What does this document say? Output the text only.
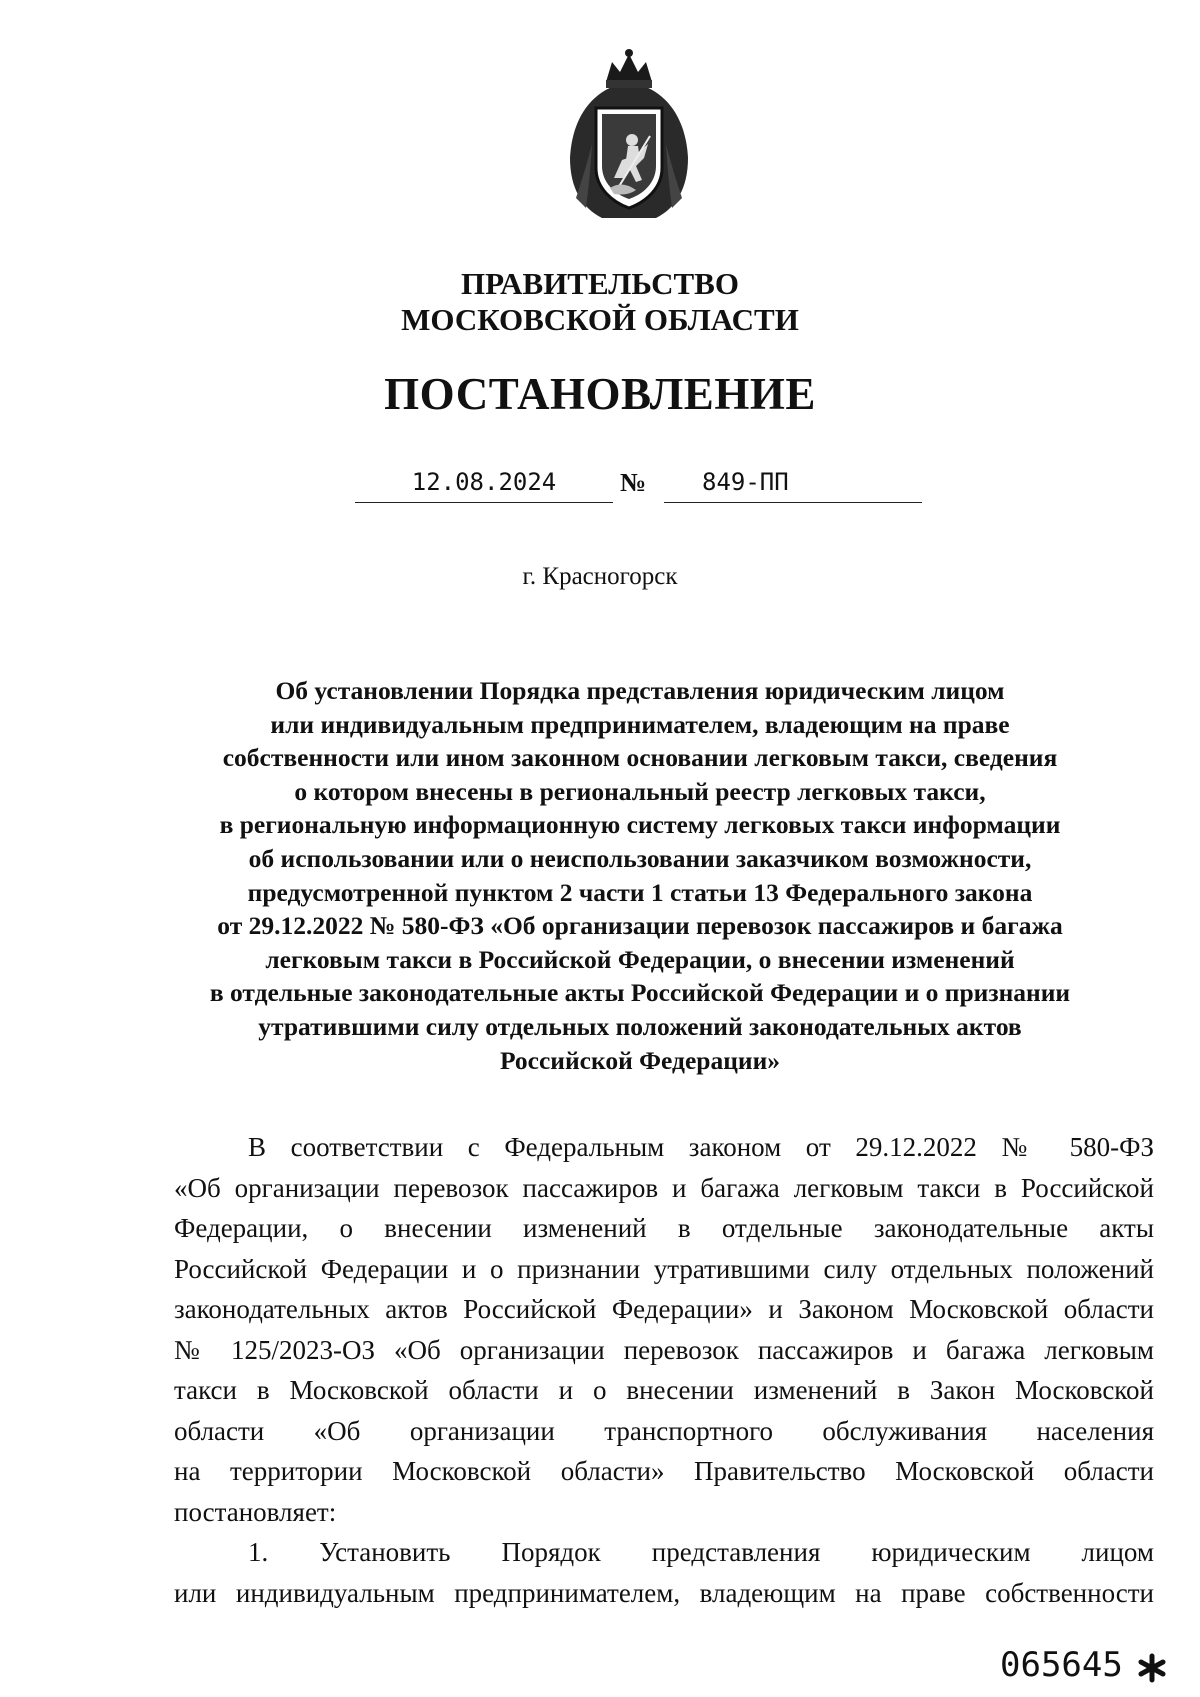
ПРАВИТЕЛЬСТВО
МОСКОВСКОЙ ОБЛАСТИ
ПОСТАНОВЛЕНИЕ
12.08.2024	№ 849-ПП
г. Красногорск
Об установлении Порядка представления юридическим лицом
или индивидуальным предпринимателем, владеющим на праве
собственности или ином законном основании легковым такси, сведения
о котором внесены в региональный реестр легковых такси,
в региональную информационную систему легковых такси информации
об использовании или о неиспользовании заказчиком возможности,
предусмотренной пунктом 2 части 1 статьи 13 Федерального закона
от 29.12.2022 № 580-ФЗ «Об организации перевозок пассажиров и багажа
легковым такси в Российской Федерации, о внесении изменений
в отдельные законодательные акты Российской Федерации и о признании
утратившими силу отдельных положений законодательных актов
Российской Федерации»
В соответствии с Федеральным законом от 29.12.2022 № 580-ФЗ
«Об организации перевозок пассажиров и багажа легковым такси в Российской
Федерации, о внесении изменений в отдельные законодательные акты
Российской Федерации и о признании утратившими силу отдельных положений
законодательных актов Российской Федерации» и Законом Московской области
№ 125/2023-ОЗ «Об организации перевозок пассажиров и багажа легковым
такси в Московской области и о внесении изменений в Закон Московской
области «Об организации транспортного обслуживания населения
на территории Московской области» Правительство Московской области
постановляет:
1. Установить Порядок представления юридическим лицом
или индивидуальным предпринимателем, владеющим на праве собственности
065645
